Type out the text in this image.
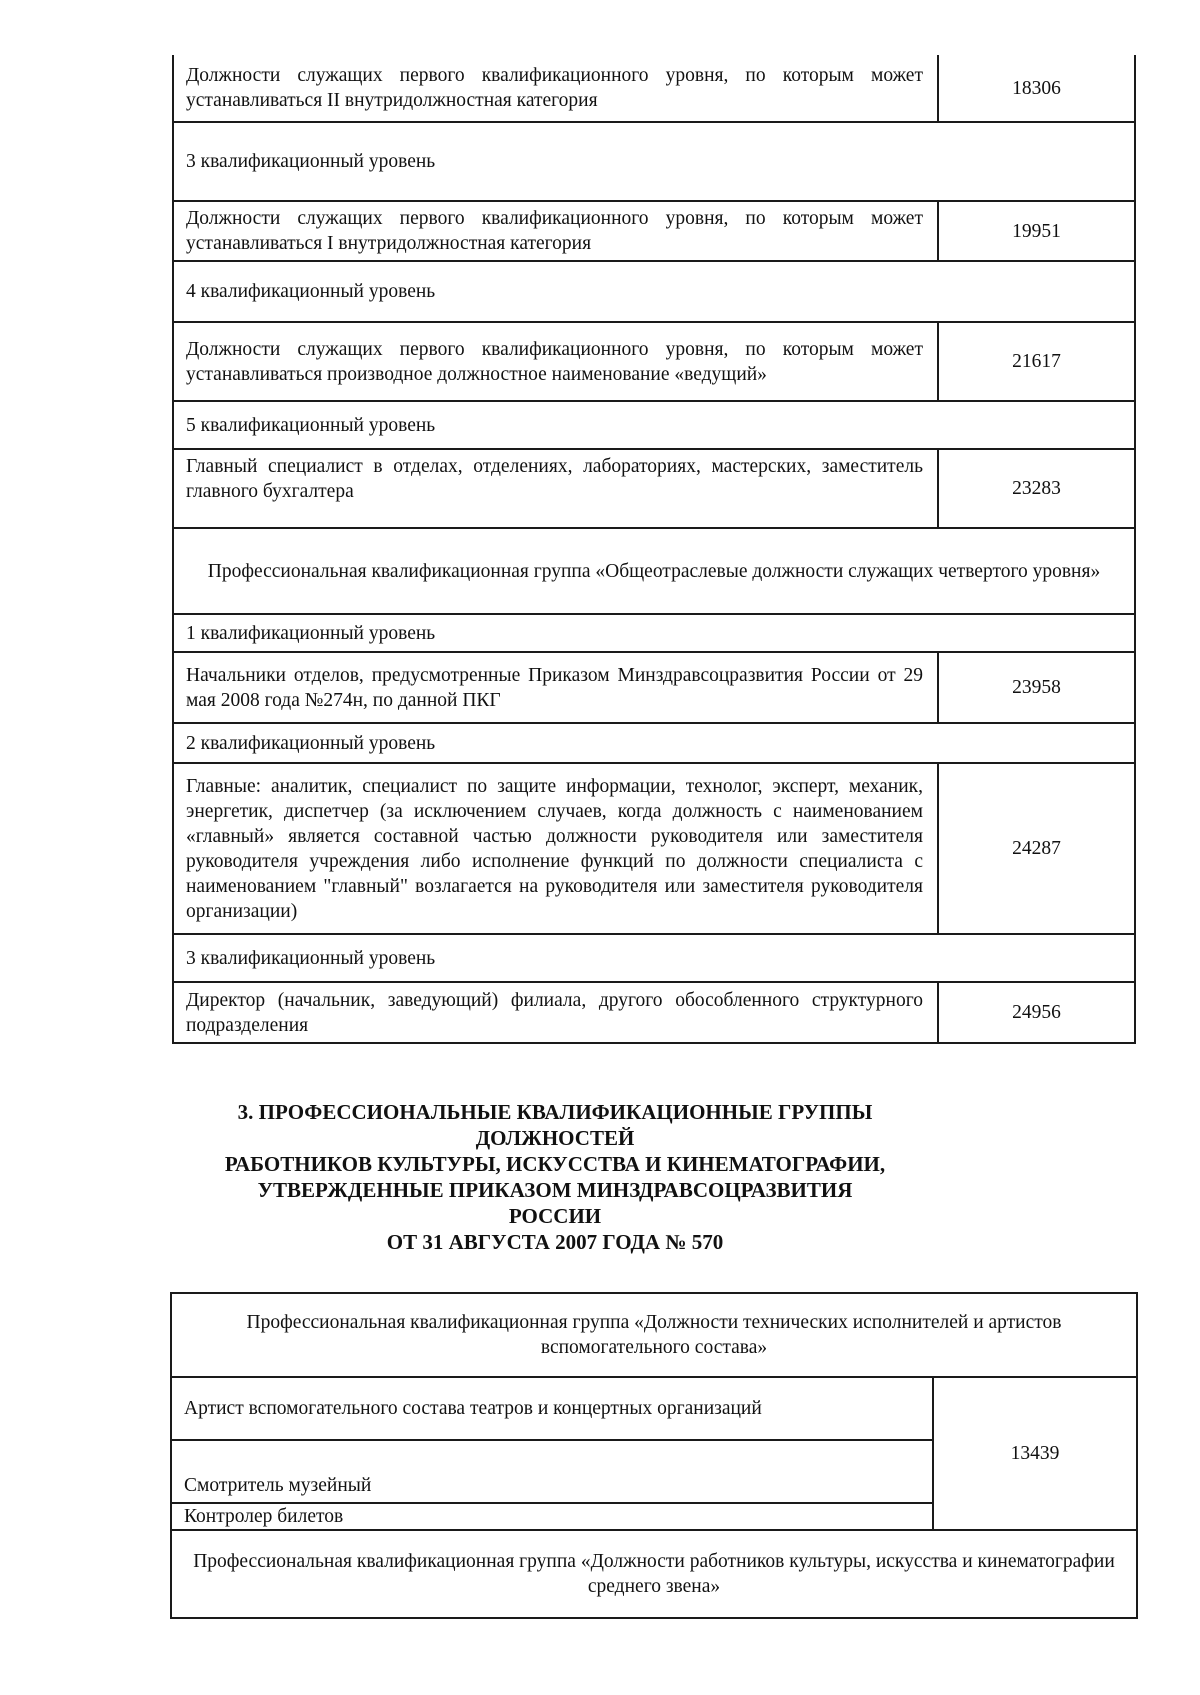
Должности служащих первого квалификационного уровня, по которым может устанавливаться II внутридолжностная категория	18306
3 квалификационный уровень	
Должности служащих первого квалификационного уровня, по которым может устанавливаться I внутридолжностная категория	19951
4 квалификационный уровень	
Должности служащих первого квалификационного уровня, по которым может устанавливаться производное должностное наименование «ведущий»	21617
5 квалификационный уровень	
Главный специалист в отделах, отделениях, лабораториях, мастерских, заместитель главного бухгалтера	23283
Профессиональная квалификационная группа «Общеотраслевые должности служащих четвертого уровня»	
1 квалификационный уровень	
Начальники отделов, предусмотренные Приказом Минздравсоцразвития России от 29 мая 2008 года №274н, по данной ПКГ	23958
2 квалификационный уровень	
Главные: аналитик, специалист по защите информации, технолог, эксперт, механик, энергетик, диспетчер (за исключением случаев, когда должность с наименованием «главный» является составной частью должности руководителя или заместителя руководителя учреждения либо исполнение функций по должности специалиста с наименованием "главный" возлагается на руководителя или заместителя руководителя организации)	24287
3 квалификационный уровень	
Директор (начальник, заведующий) филиала, другого обособленного структурного подразделения	24956
3. ПРОФЕССИОНАЛЬНЫЕ КВАЛИФИКАЦИОННЫЕ ГРУППЫ
ДОЛЖНОСТЕЙ
РАБОТНИКОВ КУЛЬТУРЫ, ИСКУССТВА И КИНЕМАТОГРАФИИ,
УТВЕРЖДЕННЫЕ ПРИКАЗОМ МИНЗДРАВСОЦРАЗВИТИЯ
РОССИИ
ОТ 31 АВГУСТА 2007 ГОДА № 570
Профессиональная квалификационная группа «Должности технических исполнителей и артистов вспомогательного состава»
Артист вспомогательного состава театров и концертных организаций	13439
Смотритель музейный
Контролер билетов
Профессиональная квалификационная группа «Должности работников культуры, искусства и кинематографии среднего звена»
